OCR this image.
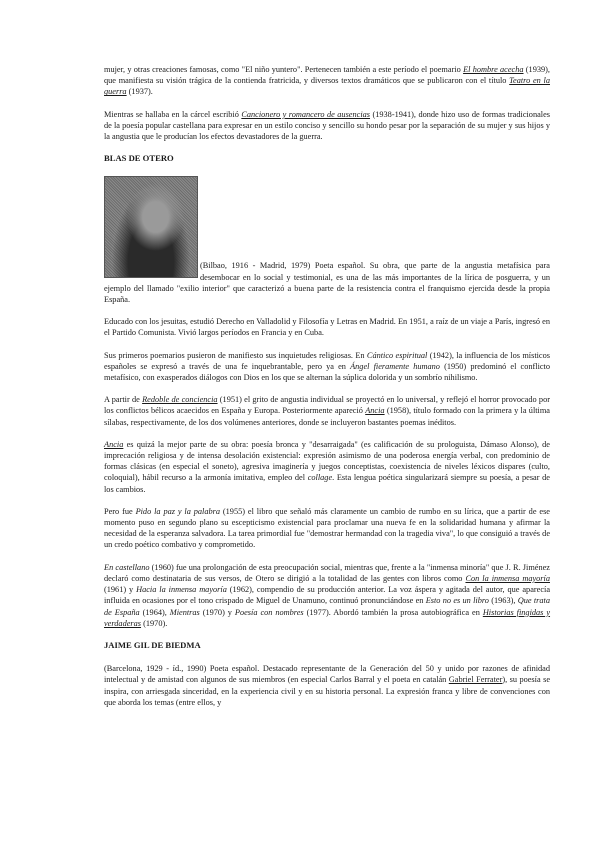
mujer, y otras creaciones famosas, como "El niño yuntero". Pertenecen también a este período el poemario El hombre acecha (1939), que manifiesta su visión trágica de la contienda fratricida, y diversos textos dramáticos que se publicaron con el título Teatro en la guerra (1937).

Mientras se hallaba en la cárcel escribió Cancionero y romancero de ausencias (1938-1941), donde hizo uso de formas tradicionales de la poesía popular castellana para expresar en un estilo conciso y sencillo su hondo pesar por la separación de su mujer y sus hijos y la angustia que le producían los efectos devastadores de la guerra.

BLAS DE OTERO
(Bilbao, 1916 - Madrid, 1979) Poeta español. Su obra, que parte de la angustia metafísica para desembocar en lo social y testimonial, es una de las más importantes de la lírica de posguerra, y un ejemplo del llamado "exilio interior" que caracterizó a buena parte de la resistencia contra el franquismo ejercida desde la propia España.

Educado con los jesuitas, estudió Derecho en Valladolid y Filosofía y Letras en Madrid. En 1951, a raíz de un viaje a París, ingresó en el Partido Comunista. Vivió largos períodos en Francia y en Cuba.

Sus primeros poemarios pusieron de manifiesto sus inquietudes religiosas. En Cántico espiritual (1942), la influencia de los místicos españoles se expresó a través de una fe inquebrantable, pero ya en Ángel fieramente humano (1950) predominó el conflicto metafísico, con exasperados diálogos con Dios en los que se alternan la súplica dolorida y un sombrío nihilismo.

A partir de Redoble de conciencia (1951) el grito de angustia individual se proyectó en lo universal, y reflejó el horror provocado por los conflictos bélicos acaecidos en España y Europa. Posteriormente apareció Ancia (1958), título formado con la primera y la última sílabas, respectivamente, de los dos volúmenes anteriores, donde se incluyeron bastantes poemas inéditos.

Ancia es quizá la mejor parte de su obra: poesía bronca y "desarraigada" (es calificación de su prologuista, Dámaso Alonso), de imprecación religiosa y de intensa desolación existencial: expresión asimismo de una poderosa energía verbal, con predominio de formas clásicas (en especial el soneto), agresiva imaginería y juegos conceptistas, coexistencia de niveles léxicos dispares (culto, coloquial), hábil recurso a la armonía imitativa, empleo del collage. Esta lengua poética singularizará siempre su poesía, a pesar de los cambios.

Pero fue Pido la paz y la palabra (1955) el libro que señaló más claramente un cambio de rumbo en su lírica, que a partir de ese momento puso en segundo plano su escepticismo existencial para proclamar una nueva fe en la solidaridad humana y afirmar la necesidad de la esperanza salvadora. La tarea primordial fue "demostrar hermandad con la tragedia viva", lo que consiguió a través de un credo poético combativo y comprometido.

En castellano (1960) fue una prolongación de esta preocupación social, mientras que, frente a la "inmensa minoría" que J. R. Jiménez declaró como destinataria de sus versos, de Otero se dirigió a la totalidad de las gentes con libros como Con la inmensa mayoría (1961) y Hacia la inmensa mayoría (1962), compendio de su producción anterior. La voz áspera y agitada del autor, que aparecía influida en ocasiones por el tono crispado de Miguel de Unamuno, continuó pronunciándose en Esto no es un libro (1963), Que trata de España (1964), Mientras (1970) y Poesía con nombres (1977). Abordó también la prosa autobiográfica en Historias fingidas y verdaderas (1970).

JAIME GIL DE BIEDMA

(Barcelona, 1929 - íd., 1990) Poeta español. Destacado representante de la Generación del 50 y unido por razones de afinidad intelectual y de amistad con algunos de sus miembros (en especial Carlos Barral y el poeta en catalán Gabriel Ferrater), su poesía se inspira, con arriesgada sinceridad, en la experiencia civil y en su historia personal. La expresión franca y libre de convenciones con que aborda los temas (entre ellos, y
